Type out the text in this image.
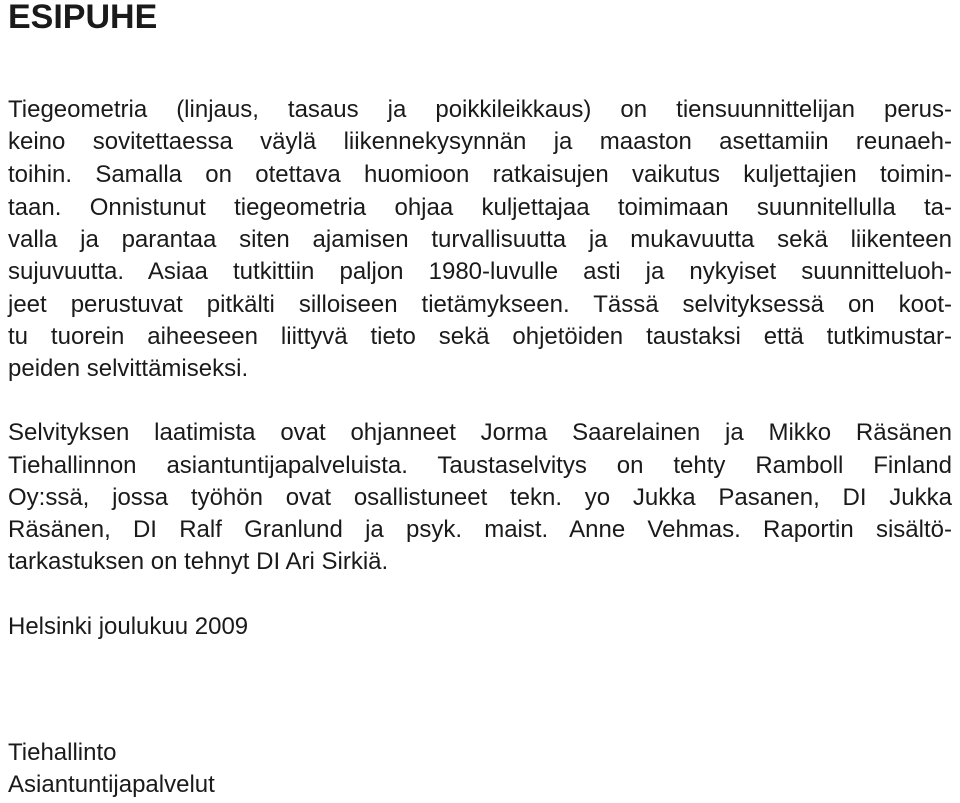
ESIPUHE
Tiegeometria (linjaus, tasaus ja poikkileikkaus) on tiensuunnittelijan perus-
keino sovitettaessa väylä liikennekysynnän ja maaston asettamiin reunaeh-
toihin. Samalla on otettava huomioon ratkaisujen vaikutus kuljettajien toimin-
taan. Onnistunut tiegeometria ohjaa kuljettajaa toimimaan suunnitellulla ta-
valla ja parantaa siten ajamisen turvallisuutta ja mukavuutta sekä liikenteen
sujuvuutta. Asiaa tutkittiin paljon 1980-luvulle asti ja nykyiset suunnitteluoh-
jeet perustuvat pitkälti silloiseen tietämykseen. Tässä selvityksessä on koot-
tu tuorein aiheeseen liittyvä tieto sekä ohjetöiden taustaksi että tutkimustar-
peiden selvittämiseksi.
Selvityksen laatimista ovat ohjanneet Jorma Saarelainen ja Mikko Räsänen
Tiehallinnon asiantuntijapalveluista. Taustaselvitys on tehty Ramboll Finland
Oy:ssä, jossa työhön ovat osallistuneet tekn. yo Jukka Pasanen, DI Jukka
Räsänen, DI Ralf Granlund ja psyk. maist. Anne Vehmas. Raportin sisältö-
tarkastuksen on tehnyt DI Ari Sirkiä.
Helsinki joulukuu 2009
Tiehallinto
Asiantuntijapalvelut
